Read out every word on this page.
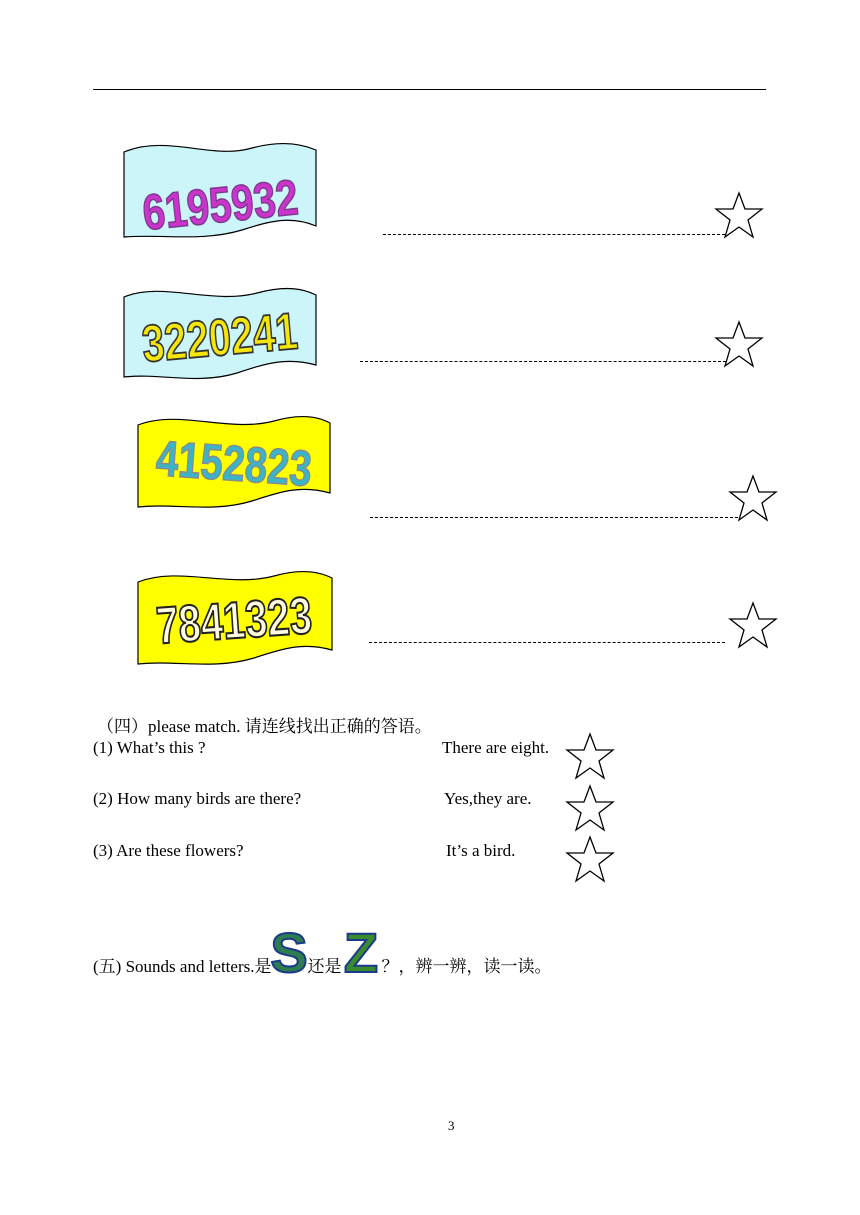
6195932
3220241
4152823
7841323
（四）please match. 请连线找出正确的答语。
(1) What’s this ?
(2) How many birds are there?
(3) Are these flowers?
There are eight.
Yes,they are.
It’s a bird.
(五) Sounds and letters.是 S 还是 Z ？，辨一辨，读一读。
3
